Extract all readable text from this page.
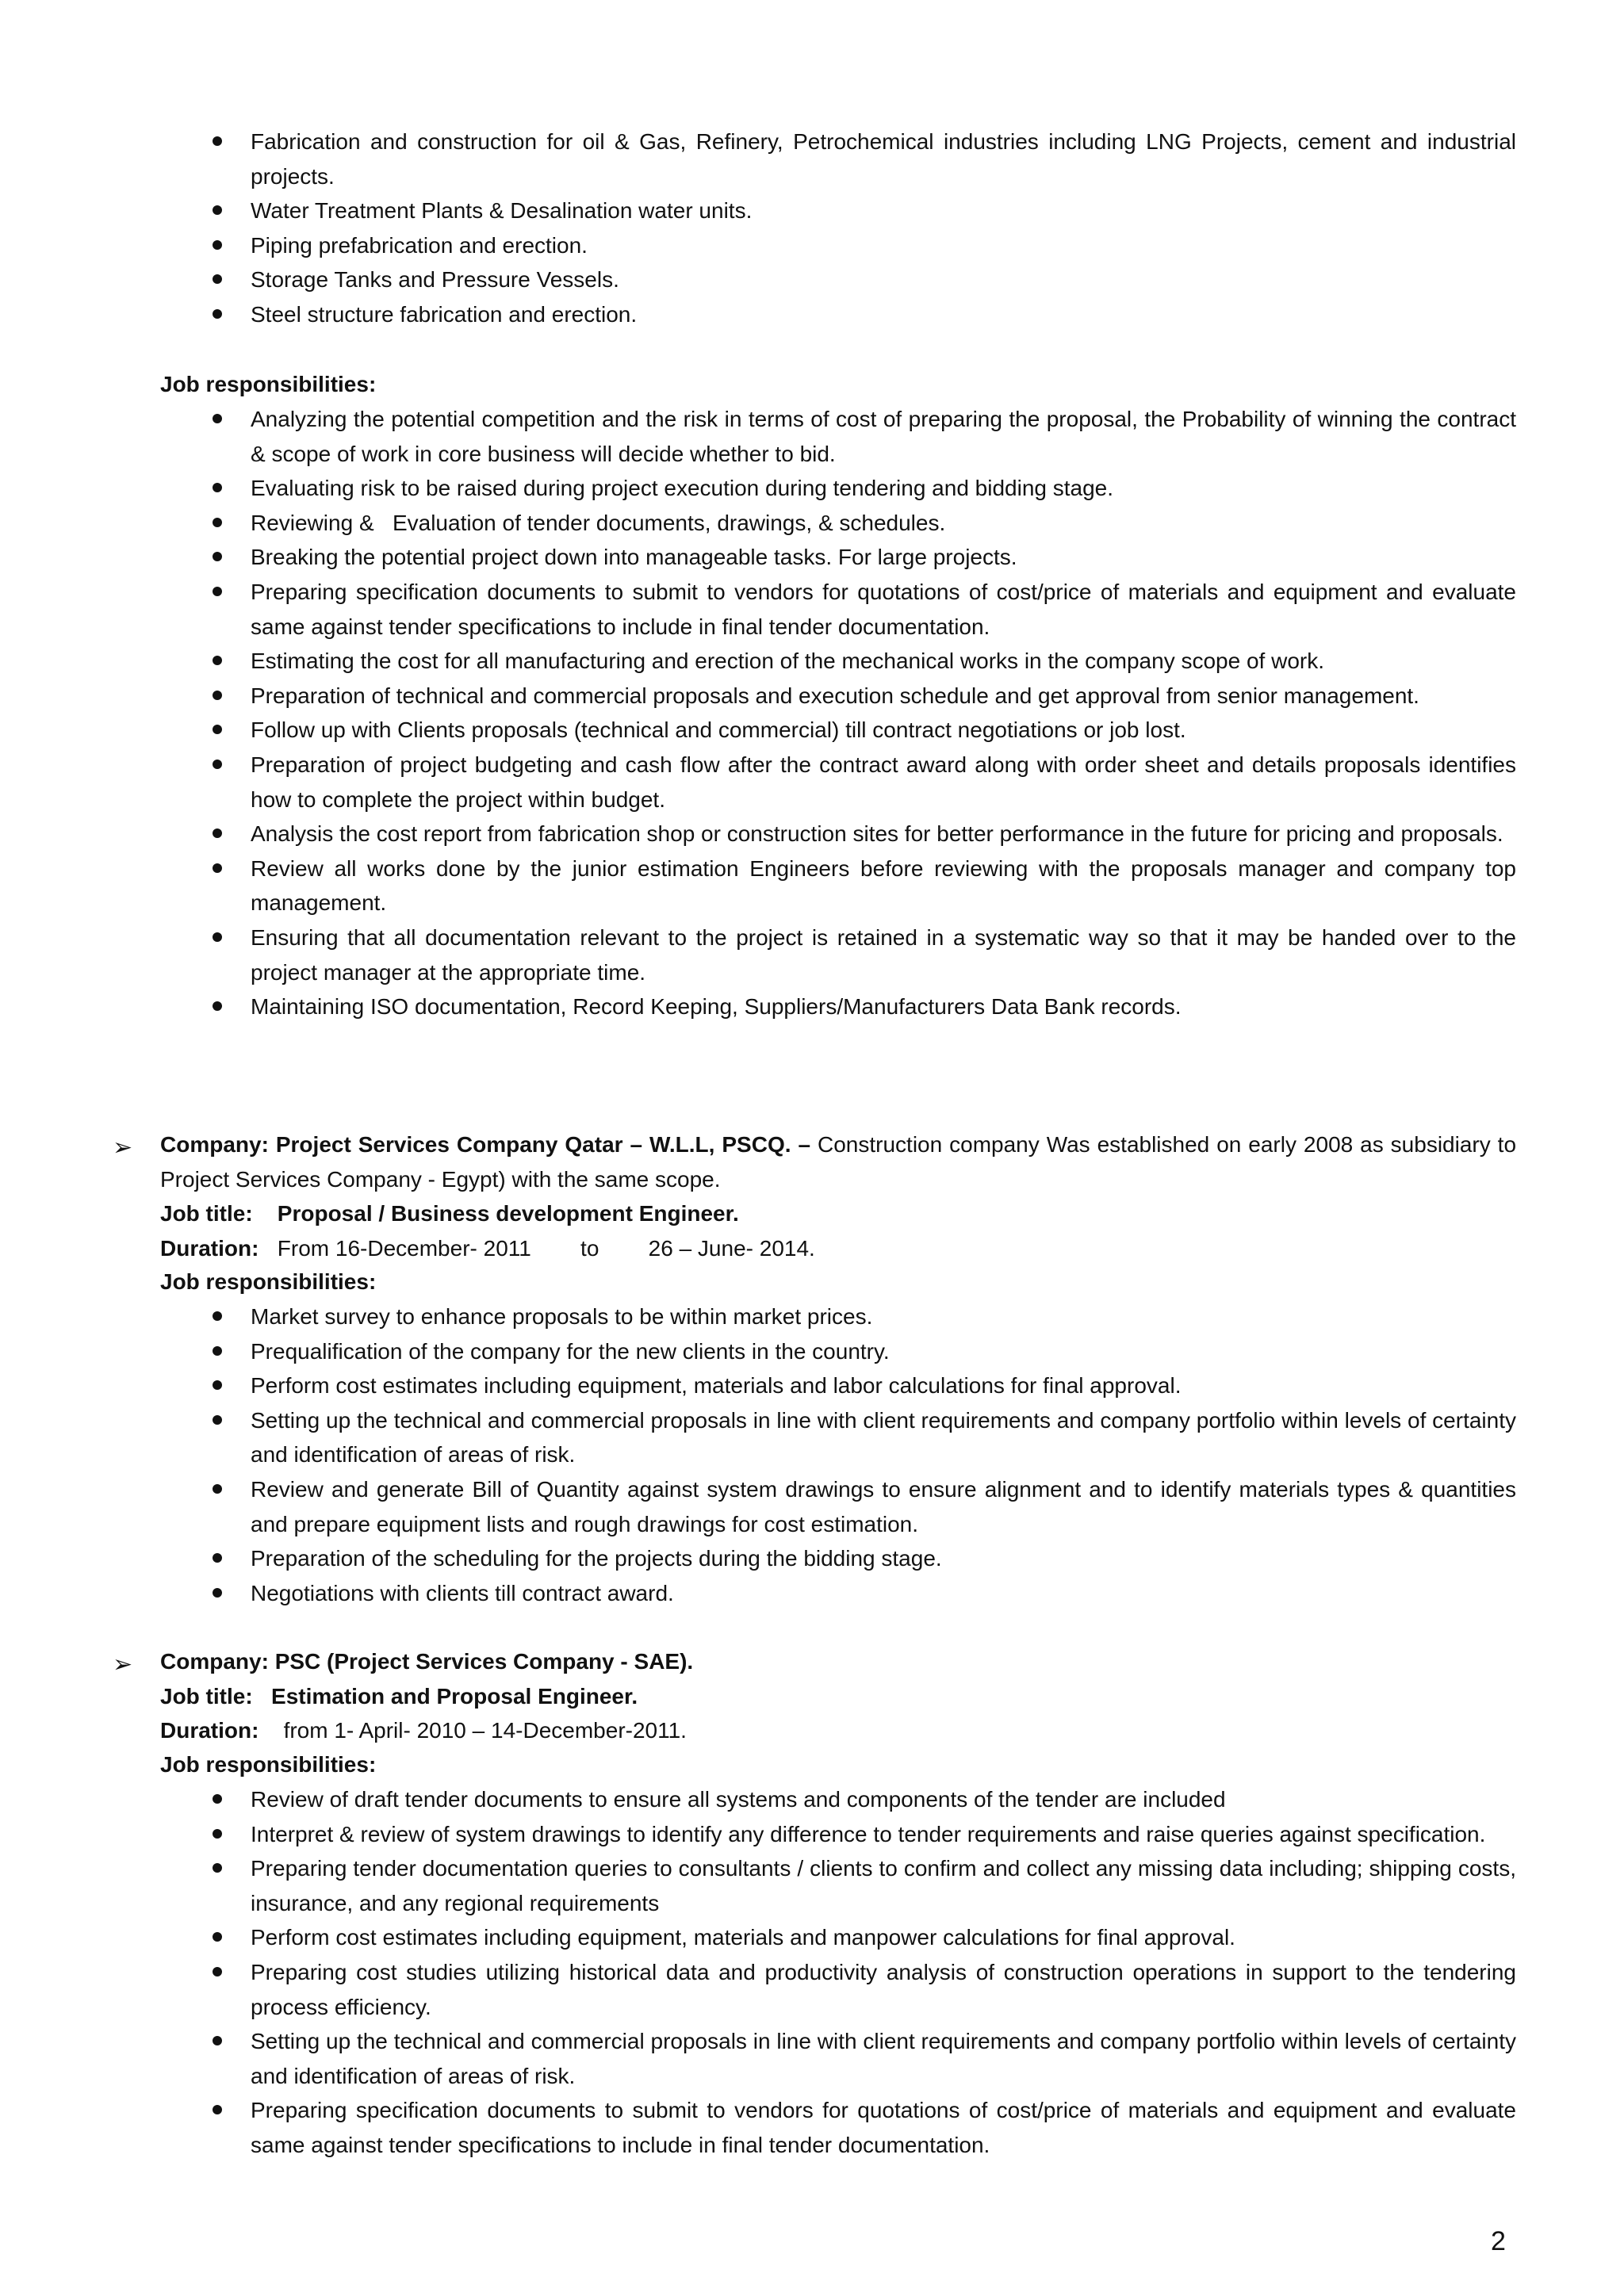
Fabrication and construction for oil & Gas, Refinery, Petrochemical industries including LNG Projects, cement and industrial projects.
Water Treatment Plants & Desalination water units.
Piping prefabrication and erection.
Storage Tanks and Pressure Vessels.
Steel structure fabrication and erection.
Job responsibilities:
Analyzing the potential competition and the risk in terms of cost of preparing the proposal, the Probability of winning the contract & scope of work in core business will decide whether to bid.
Evaluating risk to be raised during project execution during tendering and bidding stage.
Reviewing &   Evaluation of tender documents, drawings, & schedules.
Breaking the potential project down into manageable tasks. For large projects.
Preparing specification documents to submit to vendors for quotations of cost/price of materials and equipment and evaluate same against tender specifications to include in final tender documentation.
Estimating the cost for all manufacturing and erection of the mechanical works in the company scope of work.
Preparation of technical and commercial proposals and execution schedule and get approval from senior management.
Follow up with Clients proposals (technical and commercial) till contract negotiations or job lost.
Preparation of project budgeting and cash flow after the contract award along with order sheet and details proposals identifies how to complete the project within budget.
Analysis the cost report from fabrication shop or construction sites for better performance in the future for pricing and proposals.
Review all works done by the junior estimation Engineers before reviewing with the proposals manager and company top management.
Ensuring that all documentation relevant to the project is retained in a systematic way so that it may be handed over to the project manager at the appropriate time.
Maintaining ISO documentation, Record Keeping, Suppliers/Manufacturers Data Bank records.
➢ Company: Project Services Company Qatar – W.L.L, PSCQ. – Construction company Was established on early 2008 as subsidiary to Project Services Company - Egypt) with the same scope.
Job title: Proposal / Business development Engineer.
Duration: From 16-December- 2011        to        26 – June- 2014.
Job responsibilities:
Market survey to enhance proposals to be within market prices.
Prequalification of the company for the new clients in the country.
Perform cost estimates including equipment, materials and labor calculations for final approval.
Setting up the technical and commercial proposals in line with client requirements and company portfolio within levels of certainty and identification of areas of risk.
Review and generate Bill of Quantity against system drawings to ensure alignment and to identify materials types & quantities and prepare equipment lists and rough drawings for cost estimation.
Preparation of the scheduling for the projects during the bidding stage.
Negotiations with clients till contract award.
➢ Company: PSC (Project Services Company - SAE).
Job title: Estimation and Proposal Engineer.
Duration: from 1- April- 2010 – 14-December-2011.
Job responsibilities:
Review of draft tender documents to ensure all systems and components of the tender are included
Interpret & review of system drawings to identify any difference to tender requirements and raise queries against specification.
Preparing tender documentation queries to consultants / clients to confirm and collect any missing data including; shipping costs, insurance, and any regional requirements
Perform cost estimates including equipment, materials and manpower calculations for final approval.
Preparing cost studies utilizing historical data and productivity analysis of construction operations in support to the tendering process efficiency.
Setting up the technical and commercial proposals in line with client requirements and company portfolio within levels of certainty and identification of areas of risk.
Preparing specification documents to submit to vendors for quotations of cost/price of materials and equipment and evaluate same against tender specifications to include in final tender documentation.
2
